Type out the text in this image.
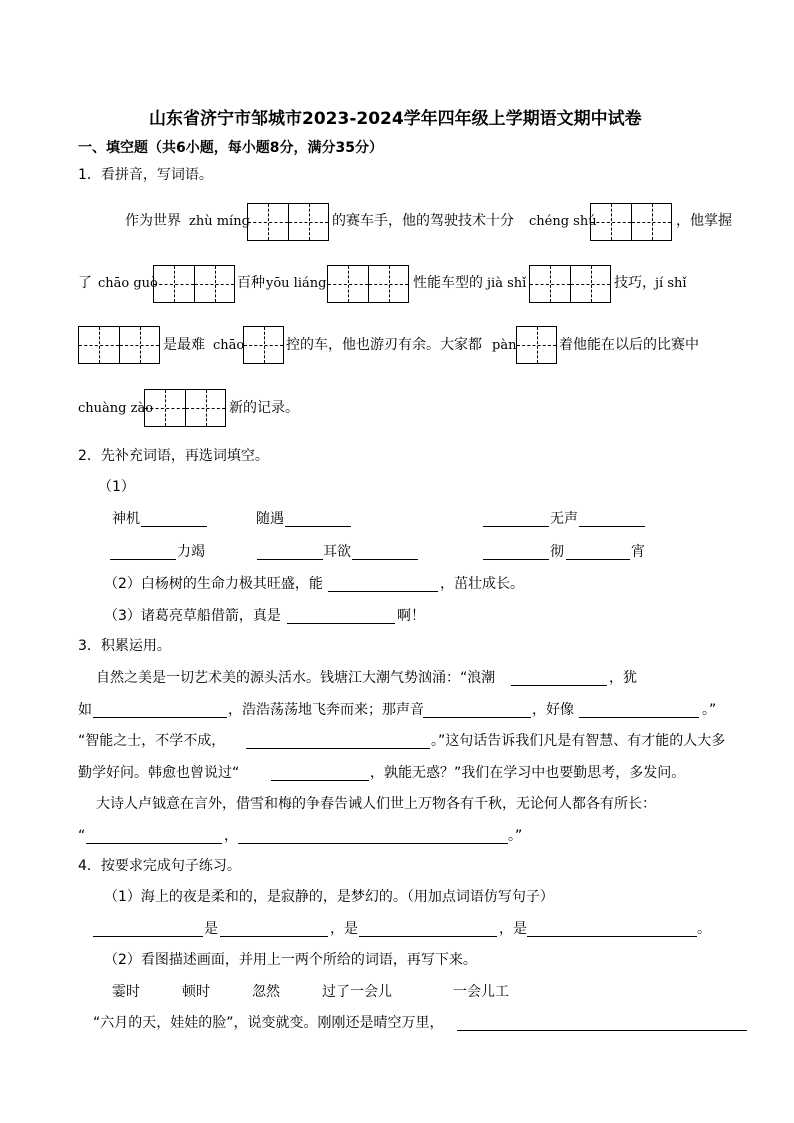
山东省济宁市邹城市2023-2024学年四年级上学期语文期中试卷
一、填空题（共6小题，每小题8分，满分35分）
1．看拼音，写词语。
作为世界 zhù míng	的赛车手，他的驾驶技术十分 chéng shú	，他掌握
了 chāo guò	百种 yōu liáng	性能车型的 jià shǐ	技巧， jí shǐ
是最难 chāo	控的车，他也游刃有余。大家都 pàn	着他能在以后的比赛中
chuàng zào	新的记录。
2．先补充词语，再选词填空。
（1）
神机	随遇	无声
力竭	耳欲	彻	宵
（2）白杨树的生命力极其旺盛，能	，茁壮成长。
（3）诸葛亮草船借箭，真是	啊！
3．积累运用。
自然之美是一切艺术美的源头活水。钱塘江大潮气势汹涌：“浪潮	，犹
如	，浩浩荡荡地飞奔而来；那声音	，好像	。”
“智能之士，不学不成，	。”这句话告诉我们凡是有智慧、有才能的人大多
勤学好问。韩愈也曾说过“	，孰能无惑？”我们在学习中也要勤思考，多发问。
大诗人卢钺意在言外，借雪和梅的争春告诫人们世上万物各有千秋，无论何人都各有所长：
“	，	。”
4．按要求完成句子练习。
（1）海上的夜是柔和的，是寂静的，是梦幻的。（用加点词语仿写句子）
是	，是	，是	。
（2）看图描述画面，并用上一两个所给的词语，再写下来。
霎时	顿时	忽然	过了一会儿	一会儿工
“六月的天，娃娃的脸”，说变就变。刚刚还是晴空万里，
